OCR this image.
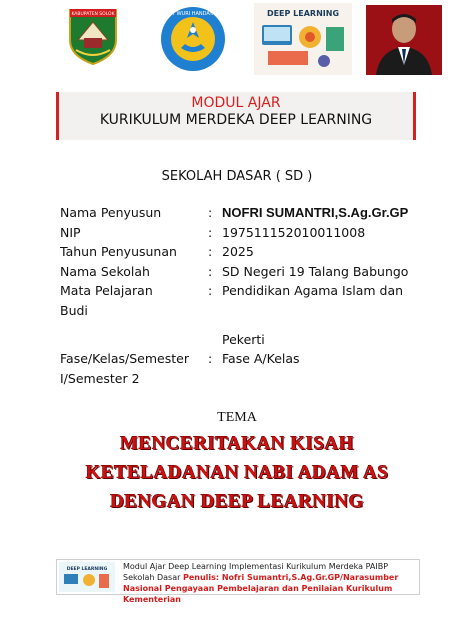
KABUPATEN SOLOK	TUT WURI HANDAYANI	DEEP LEARNING
MODUL AJAR
KURIKULUM MERDEKA DEEP LEARNING
SEKOLAH DASAR ( SD )
Nama Penyusun	: NOFRI SUMANTRI,S.Ag.Gr.GP
NIP	: 197511152010011008
Tahun Penyusunan : 2025
Nama Sekolah	: SD Negeri 19 Talang Babungo
Mata Pelajaran	: Pendidikan Agama Islam dan
Budi
Pekerti
Fase/Kelas/Semester : Fase A/Kelas
I/Semester 2
TEMA
MENCERITAKAN KISAH
KETELADANAN NABI ADAM AS
DENGAN DEEP LEARNING
DEEP LEARNING Modul Ajar Deep Learning Implementasi Kurikulum Merdeka PAIBP Sekolah Dasar Penulis: Nofri Sumantri,S.Ag.Gr.GP/Narasumber Nasional Pengayaan Pembelajaran dan Penilaian Kurikulum Kementerian
